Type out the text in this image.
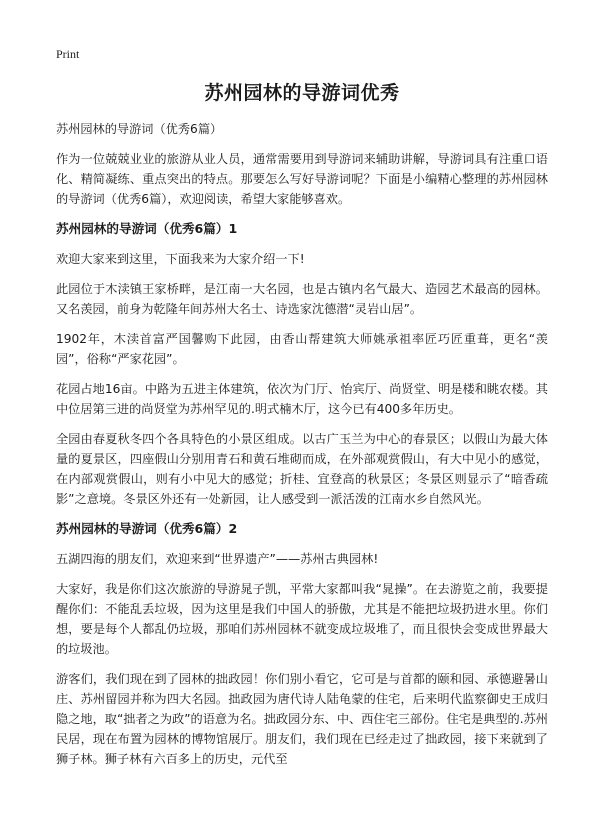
Print
苏州园林的导游词优秀

苏州园林的导游词（优秀6篇）

作为一位兢兢业业的旅游从业人员，通常需要用到导游词来辅助讲解，导游词具有注重口语化、精简凝练、重点突出的特点。那要怎么写好导游词呢？下面是小编精心整理的苏州园林的导游词（优秀6篇），欢迎阅读，希望大家能够喜欢。

苏州园林的导游词（优秀6篇）1

欢迎大家来到这里，下面我来为大家介绍一下!

此园位于木渎镇王家桥畔，是江南一大名园，也是古镇内名气最大、造园艺术最高的园林。又名羡园，前身为乾隆年间苏州大名士、诗选家沈德潜“灵岩山居”。

1902年，木渎首富严国馨购下此园，由香山帮建筑大师姚承祖率匠巧匠重葺，更名“羡园”，俗称“严家花园”。

花园占地16亩。中路为五进主体建筑，依次为门厅、怡宾厅、尚贤堂、明是楼和眺农楼。其中位居第三进的尚贤堂为苏州罕见的.明式楠木厅，这今已有400多年历史。

全园由春夏秋冬四个各具特色的小景区组成。以古广玉兰为中心的春景区；以假山为最大体量的夏景区，四座假山分别用青石和黄石堆砌而成，在外部观赏假山，有大中见小的感觉，在内部观赏假山，则有小中见大的感觉；折桂、宜登高的秋景区；冬景区则显示了“暗香疏影”之意境。冬景区外还有一处新园，让人感受到一派活泼的江南水乡自然风光。

苏州园林的导游词（优秀6篇）2

五湖四海的朋友们，欢迎来到“世界遗产”——苏州古典园林!

大家好，我是你们这次旅游的导游晁子凯，平常大家都叫我“晁操”。在去游览之前，我要提醒你们：不能乱丢垃圾，因为这里是我们中国人的骄傲，尤其是不能把垃圾扔进水里。你们想，要是每个人都乱仍垃圾，那咱们苏州园林不就变成垃圾堆了，而且很快会变成世界最大的垃圾池。

游客们，我们现在到了园林的拙政园！你们别小看它，它可是与首都的颐和园、承德避暑山庄、苏州留园并称为四大名园。拙政园为唐代诗人陆龟蒙的住宅，后来明代监察御史王成归隐之地，取“拙者之为政”的语意为名。拙政园分东、中、西住宅三部份。住宅是典型的.苏州民居，现在布置为园林的博物馆展厅。朋友们，我们现在已经走过了拙政园，接下来就到了狮子林。狮子林有六百多上的历史，元代至
